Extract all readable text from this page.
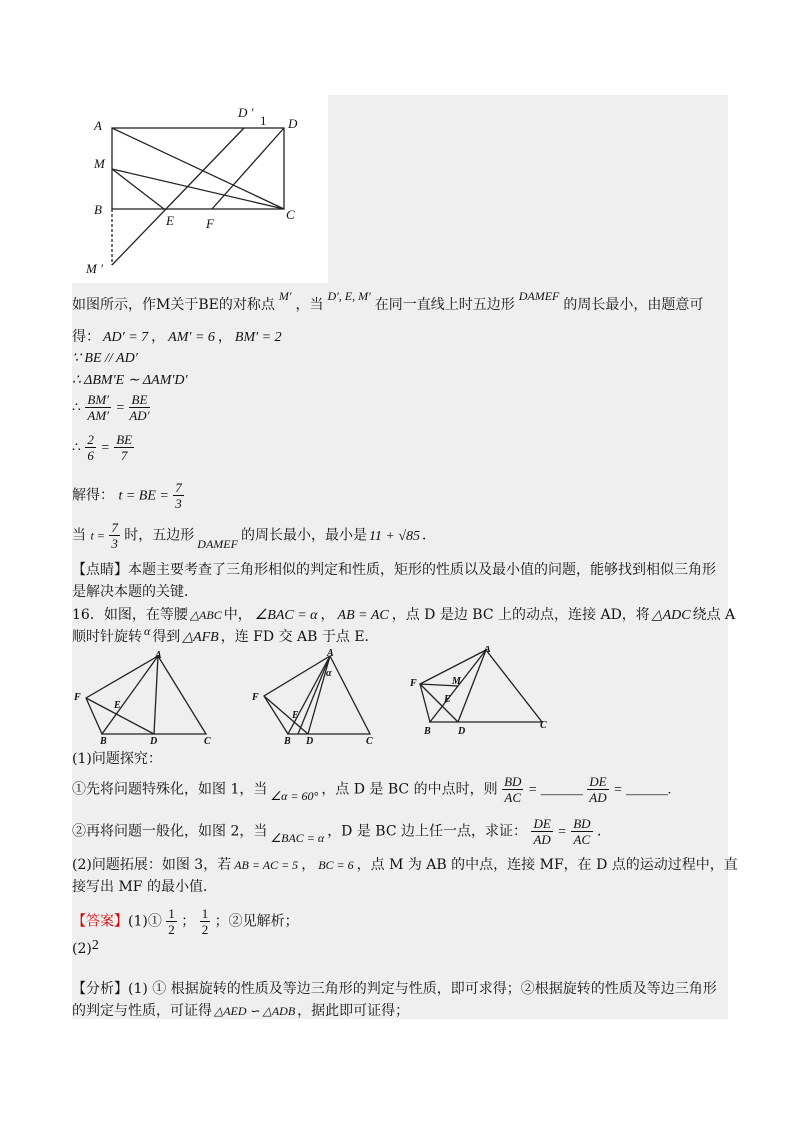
A
D ′
1 D
M
B
E F
C
M ′
如图所示，作M关于BE的对称点M′，当D′, E, M′在同一直线上时五边形DAMEF的周长最小，由题意可
得： AD′ = 7 ， AM′ = 6 ， BM′ = 2
∵ BE // AD′
∴ ΔBM′E ∼ ΔAM′D′
∴ $\frac{BM'}{AM'} = \frac{BE}{AD'}$
∴ $\frac{2}{6} = \frac{BE}{7}$
解得： t = BE = $\frac{7}{3}$
当 $t = \frac{7}{3}$ 时，五边形 DAMEF 的周长最小，最小是 11 + √85 ．
【点睛】本题主要考查了三角形相似的判定和性质，矩形的性质以及最小值的问题，能够找到相似三角形
是解决本题的关键．
16．如图，在等腰 △ABC 中， ∠BAC = α ， AB = AC ，点 D 是边 BC 上的动点，连接 AD，将 △ADC 绕点 A
顺时针旋转 α 得到 △AFB ，连 FD 交 AB 于点 E．
A
F
E
B	D	C
A
α
F
E
B D	C
A
M
F
E
B	D
C
(1)问题探究：
①先将问题特殊化，如图 1，当 ∠α = 60° ，点 D 是 BC 的中点时，则 $\frac{BD}{AC}$ = ______ $\frac{DE}{AD}$ = ______.
②再将问题一般化，如图 2，当 ∠BAC = α ，D 是 BC 边上任一点，求证： $\frac{DE}{AD} = \frac{BD}{AC}$ ．
(2)问题拓展：如图 3，若 AB = AC = 5 ， BC = 6 ，点 M 为 AB 的中点，连接 MF，在 D 点的运动过程中，直
接写出 MF 的最小值．
【答案】(1)① $\frac{1}{2}$ ； $\frac{1}{2}$ ；②见解析；
(2)2
【分析】(1) ① 根据旋转的性质及等边三角形的判定与性质，即可求得；②根据旋转的性质及等边三角形
的判定与性质，可证得 △AED ∽ △ADB ，据此即可证得；
